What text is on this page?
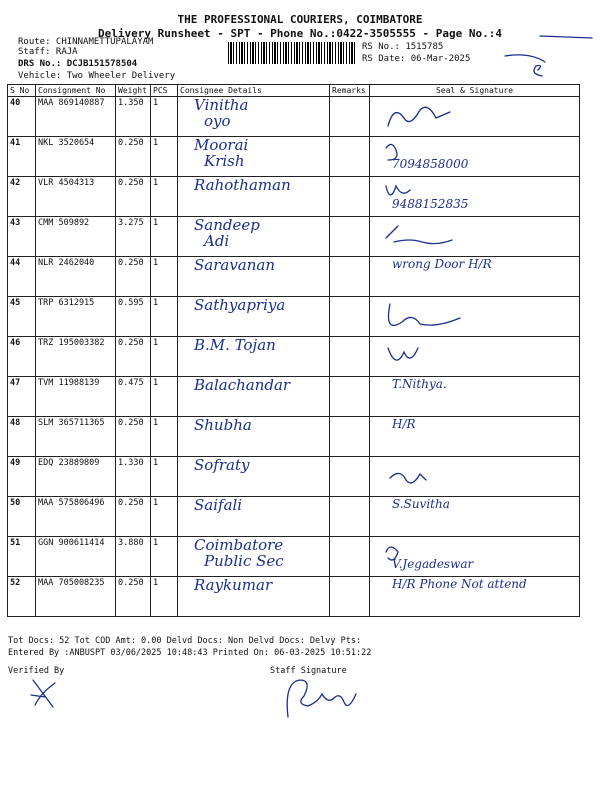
THE PROFESSIONAL COURIERS, COIMBATORE
Delivery Runsheet - SPT - Phone No.:0422-3505555 - Page No.:4
Route: CHINNAMETTUPALAYAM
Staff: RAJA
DRS No.: DCJB151578504
Vehicle: Two Wheeler Delivery
RS No.: 1515785
RS Date: 06-Mar-2025
S No	Consignment No	Weight	PCS	Consignee Details	Remarks	Seal & Signature
40	MAA 869140887	1.350	1	Vinitha
oyo

41	NKL 3520654	0.250	1	Moorai
Krish		7094858000

42	VLR 4504313	0.250	1	Rahothaman		9488152835

43	CMM 509892	3.275	1	Sandeep
Adi

44	NLR 2462040	0.250	1	Saravanan		wrong Door H/R

45	TRP 6312915	0.595	1	Sathyapriya

46	TRZ 195003382	0.250	1	B.M. Tojan

47	TVM 11988139	0.475	1	Balachandar		T.Nithya.

48	SLM 365711365	0.250	1	Shubha		H/R

49	EDQ 23889809	1.330	1	Sofraty

50	MAA 575806496	0.250	1	Saifali		S.Suvitha

51	GGN 900611414	3.880	1	Coimbatore
Public Sec		V.Jegadeswar

52	MAA 705008235	0.250	1	Raykumar		H/R Phone Not attend
Tot Docs: 52 Tot COD Amt: 0.00 Delvd Docs: Non Delvd Docs: Delvy Pts:
Entered By :ANBUSPT 03/06/2025 10:48:43 Printed On: 06-03-2025 10:51:22
Verified By	Staff Signature
